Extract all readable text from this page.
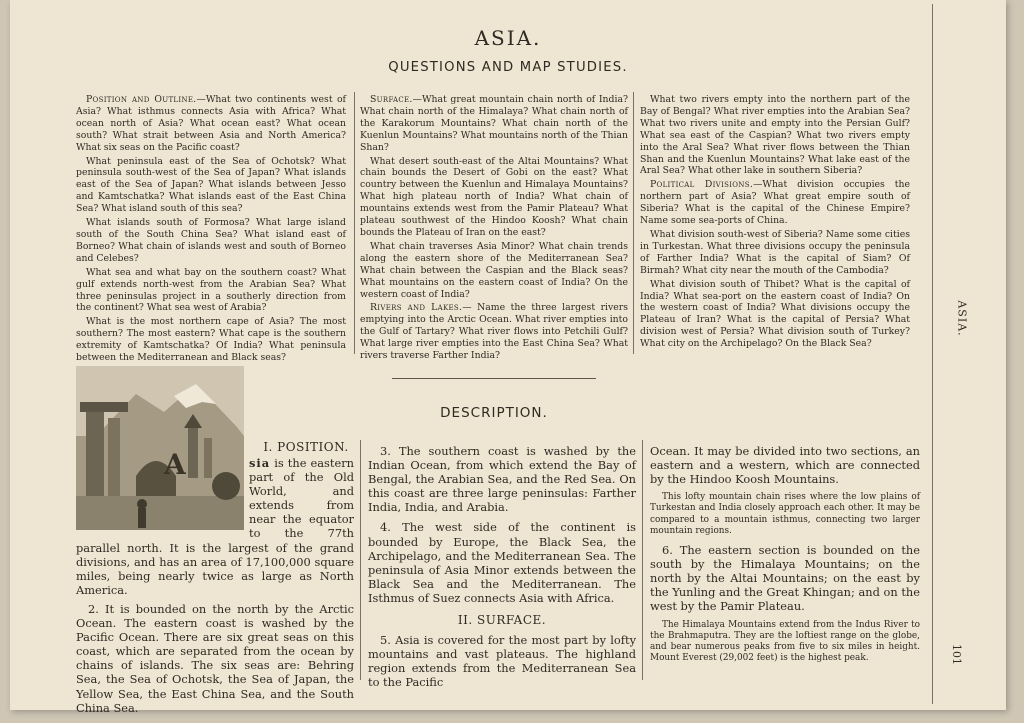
ASIA.
QUESTIONS AND MAP STUDIES.

Position and Outline.—What two continents west of Asia? What isthmus connects Asia with Africa? What ocean north of Asia? What ocean east? What ocean south? What strait between Asia and North America? What six seas on the Pacific coast?

What peninsula east of the Sea of Ochotsk? What peninsula south-west of the Sea of Japan? What islands east of the Sea of Japan? What islands between Jesso and Kamtschatka? What islands east of the East China Sea? What island south of this sea?

What islands south of Formosa? What large island south of the South China Sea? What island east of Borneo? What chain of islands west and south of Borneo and Celebes?

What sea and what bay on the southern coast? What gulf extends north-west from the Arabian Sea? What three peninsulas project in a southerly direction from the continent? What sea west of Arabia?

What is the most northern cape of Asia? The most southern? The most eastern? What cape is the southern extremity of Kamtschatka? Of India? What peninsula between the Mediterranean and Black seas?

Surface.—What great mountain chain north of India? What chain north of the Himalaya? What chain north of the Karakorum Mountains? What chain north of the Kuenlun Mountains? What mountains north of the Thian Shan?

What desert south-east of the Altai Mountains? What chain bounds the Desert of Gobi on the east? What country between the Kuenlun and Himalaya Mountains? What high plateau north of India? What chain of mountains extends west from the Pamir Plateau? What plateau southwest of the Hindoo Koosh? What chain bounds the Plateau of Iran on the east?

What chain traverses Asia Minor? What chain trends along the eastern shore of the Mediterranean Sea? What chain between the Caspian and the Black seas? What mountains on the eastern coast of India? On the western coast of India?

Rivers and Lakes.— Name the three largest rivers emptying into the Arctic Ocean. What river empties into the Gulf of Tartary? What river flows into Petchili Gulf? What large river empties into the East China Sea? What rivers traverse Farther India?

What two rivers empty into the northern part of the Bay of Bengal? What river empties into the Arabian Sea? What two rivers unite and empty into the Persian Gulf? What sea east of the Caspian? What two rivers empty into the Aral Sea? What river flows between the Thian Shan and the Kuenlun Mountains? What lake east of the Aral Sea? What other lake in southern Siberia?

Political Divisions.—What division occupies the northern part of Asia? What great empire south of Siberia? What is the capital of the Chinese Empire? Name some sea-ports of China.

What division south-west of Siberia? Name some cities in Turkestan. What three divisions occupy the peninsula of Farther India? What is the capital of Siam? Of Birmah? What city near the mouth of the Cambodia?

What division south of Thibet? What is the capital of India? What sea-port on the eastern coast of India? On the western coast of India? What divisions occupy the Plateau of Iran? What is the capital of Persia? What division west of Persia? What division south of Turkey? What city on the Archipelago? On the Black Sea?

ASIA.
101
DESCRIPTION.
I. POSITION.

sia is the eastern part of the Old World, and extends from near the equator to the 77th parallel north. It is the largest of the grand divisions, and has an area of 17,100,000 square miles, being nearly twice as large as North America.

2. It is bounded on the north by the Arctic Ocean. The eastern coast is washed by the Pacific Ocean. There are six great seas on this coast, which are separated from the ocean by chains of islands. The six seas are: Behring Sea, the Sea of Ochotsk, the Sea of Japan, the Yellow Sea, the East China Sea, and the South China Sea.

A	3. The southern coast is washed by the Indian Ocean, from which extend the Bay of Bengal, the Arabian Sea, and the Red Sea. On this coast are three large peninsulas: Farther India, India, and Arabia.

4. The west side of the continent is bounded by Europe, the Black Sea, the Archipelago, and the Mediterranean Sea. The peninsula of Asia Minor extends between the Black Sea and the Mediterranean. The Isthmus of Suez connects Asia with Africa.

II. SURFACE.

5. Asia is covered for the most part by lofty mountains and vast plateaus. The highland region extends from the Mediterranean Sea to the Pacific

Ocean. It may be divided into two sections, an eastern and a western, which are connected by the Hindoo Koosh Mountains.

This lofty mountain chain rises where the low plains of Turkestan and India closely approach each other. It may be compared to a mountain isthmus, connecting two larger mountain regions.

6. The eastern section is bounded on the south by the Himalaya Mountains; on the north by the Altai Mountains; on the east by the Yunling and the Great Khingan; and on the west by the Pamir Plateau.

The Himalaya Mountains extend from the Indus River to the Brahmaputra. They are the loftiest range on the globe, and bear numerous peaks from five to six miles in height. Mount Everest (29,002 feet) is the highest peak.
